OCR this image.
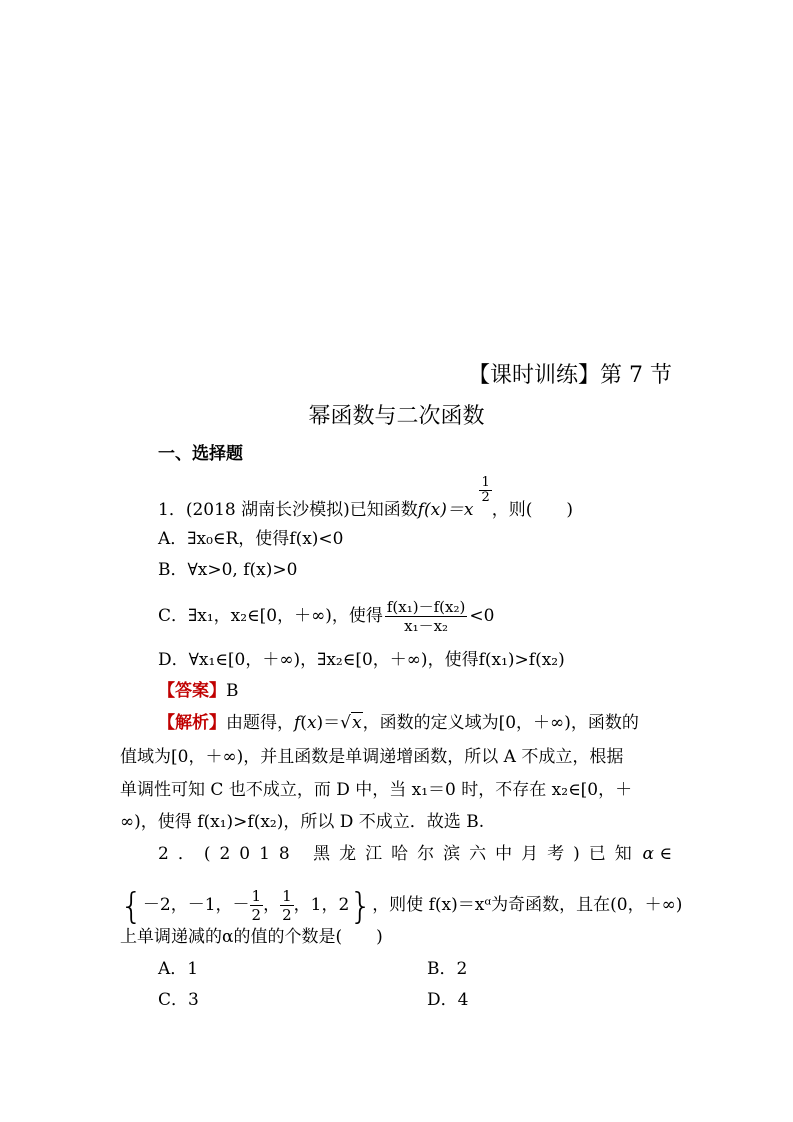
【课时训练】第 7 节
幂函数与二次函数
一、选择题
1．(2018 湖南长沙模拟)已知函数f(x)＝x
$\frac{1}{2}$
，则(　　)
A．∃x₀∈R，使得f(x)<0
B．∀x>0, f(x)>0
C．∃x₁，x₂∈[0，＋∞)，使得 $\frac{\text{f(x₁)－f(x₂)}}{\text{x₁－x₂}} <0$
D．∀x₁∈[0，＋∞)，∃x₂∈[0，＋∞)，使得f(x₁)>f(x₂)
【答案】B
【解析】由题得，f(x)＝√x，函数的定义域为[0，＋∞)，函数的
值域为[0，＋∞)，并且函数是单调递增函数，所以 A 不成立，根据
单调性可知 C 也不成立，而 D 中，当 x₁＝0 时，不存在 x₂∈[0，＋
∞)，使得 f(x₁)>f(x₂)，所以 D 不成立．故选 B.
2．(2018 黑龙江哈尔滨六中月考)已知 α ∈
{－2，－1，－ $\frac{1}{2}$ ， $\frac{1}{2}$ ，1，2}，则使 f(x)＝xᵅ为奇函数，且在(0，＋∞)
上单调递减的α的值的个数是(　　)
A．1	B．2
C．3	D．4
